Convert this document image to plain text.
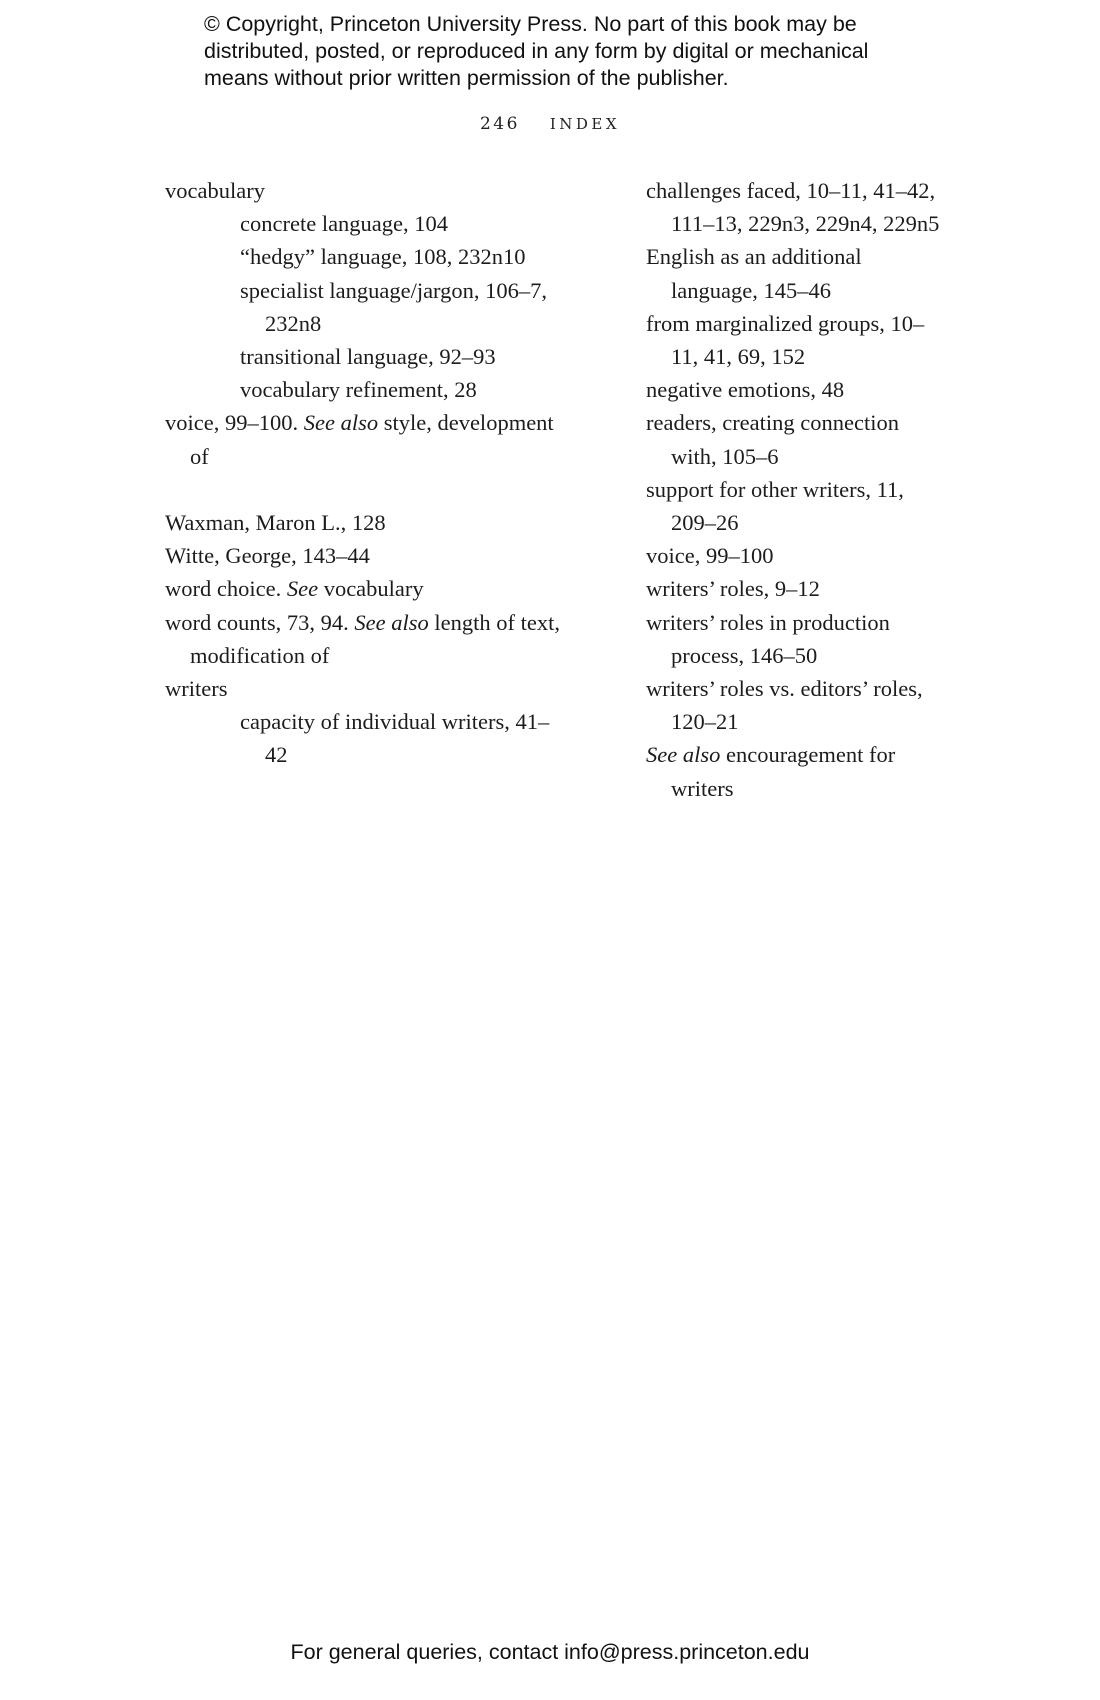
© Copyright, Princeton University Press. No part of this book may be distributed, posted, or reproduced in any form by digital or mechanical means without prior written permission of the publisher.
246 INDEX

vocabulary

concrete language, 104

“hedgy” language, 108, 232n10

specialist language/jargon, 106–7, 232n8

transitional language, 92–93

vocabulary refinement, 28

voice, 99–100. See also style, development of

Waxman, Maron L., 128

Witte, George, 143–44

word choice. See vocabulary

word counts, 73, 94. See also length of text, modification of

writers

capacity of individual writers, 41–42

challenges faced, 10–11, 41–42, 111–13, 229n3, 229n4, 229n5

English as an additional language, 145–46

from marginalized groups, 10–11, 41, 69, 152

negative emotions, 48

readers, creating connection with, 105–6

support for other writers, 11, 209–26

voice, 99–100

writers’ roles, 9–12

writers’ roles in production process, 146–50

writers’ roles vs. editors’ roles, 120–21

See also encouragement for writers

For general queries, contact info@press.princeton.edu
